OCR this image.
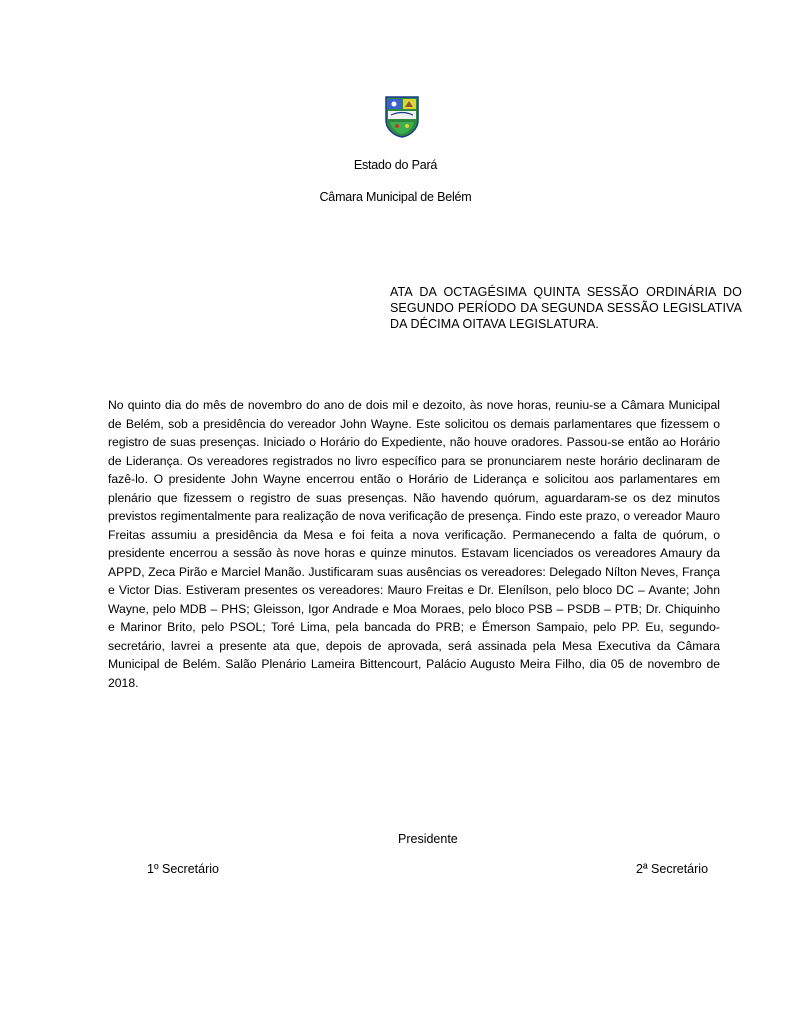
Estado do Pará
Câmara Municipal de Belém
ATA DA OCTAGÉSIMA QUINTA SESSÃO ORDINÁRIA DO SEGUNDO PERÍODO DA SEGUNDA SESSÃO LEGISLATIVA DA DÉCIMA OITAVA LEGISLATURA.
No quinto dia do mês de novembro do ano de dois mil e dezoito, às nove horas, reuniu-se a Câmara Municipal de Belém, sob a presidência do vereador John Wayne. Este solicitou os demais parlamentares que fizessem o registro de suas presenças. Iniciado o Horário do Expediente, não houve oradores. Passou-se então ao Horário de Liderança. Os vereadores registrados no livro específico para se pronunciarem neste horário declinaram de fazê-lo. O presidente John Wayne encerrou então o Horário de Liderança e solicitou aos parlamentares em plenário que fizessem o registro de suas presenças. Não havendo quórum, aguardaram-se os dez minutos previstos regimentalmente para realização de nova verificação de presença. Findo este prazo, o vereador Mauro Freitas assumiu a presidência da Mesa e foi feita a nova verificação. Permanecendo a falta de quórum, o presidente encerrou a sessão às nove horas e quinze minutos. Estavam licenciados os vereadores Amaury da APPD, Zeca Pirão e Marciel Manão. Justificaram suas ausências os vereadores: Delegado Nílton Neves, França e Victor Dias. Estiveram presentes os vereadores: Mauro Freitas e Dr. Elenílson, pelo bloco DC – Avante; John Wayne, pelo MDB – PHS; Gleisson, Igor Andrade e Moa Moraes, pelo bloco PSB – PSDB – PTB; Dr. Chiquinho e Marinor Brito, pelo PSOL; Toré Lima, pela bancada do PRB; e Émerson Sampaio, pelo PP. Eu, segundo-secretário, lavrei a presente ata que, depois de aprovada, será assinada pela Mesa Executiva da Câmara Municipal de Belém. Salão Plenário Lameira Bittencourt, Palácio Augusto Meira Filho, dia 05 de novembro de 2018.
Presidente
1º Secretário	2ª Secretário
